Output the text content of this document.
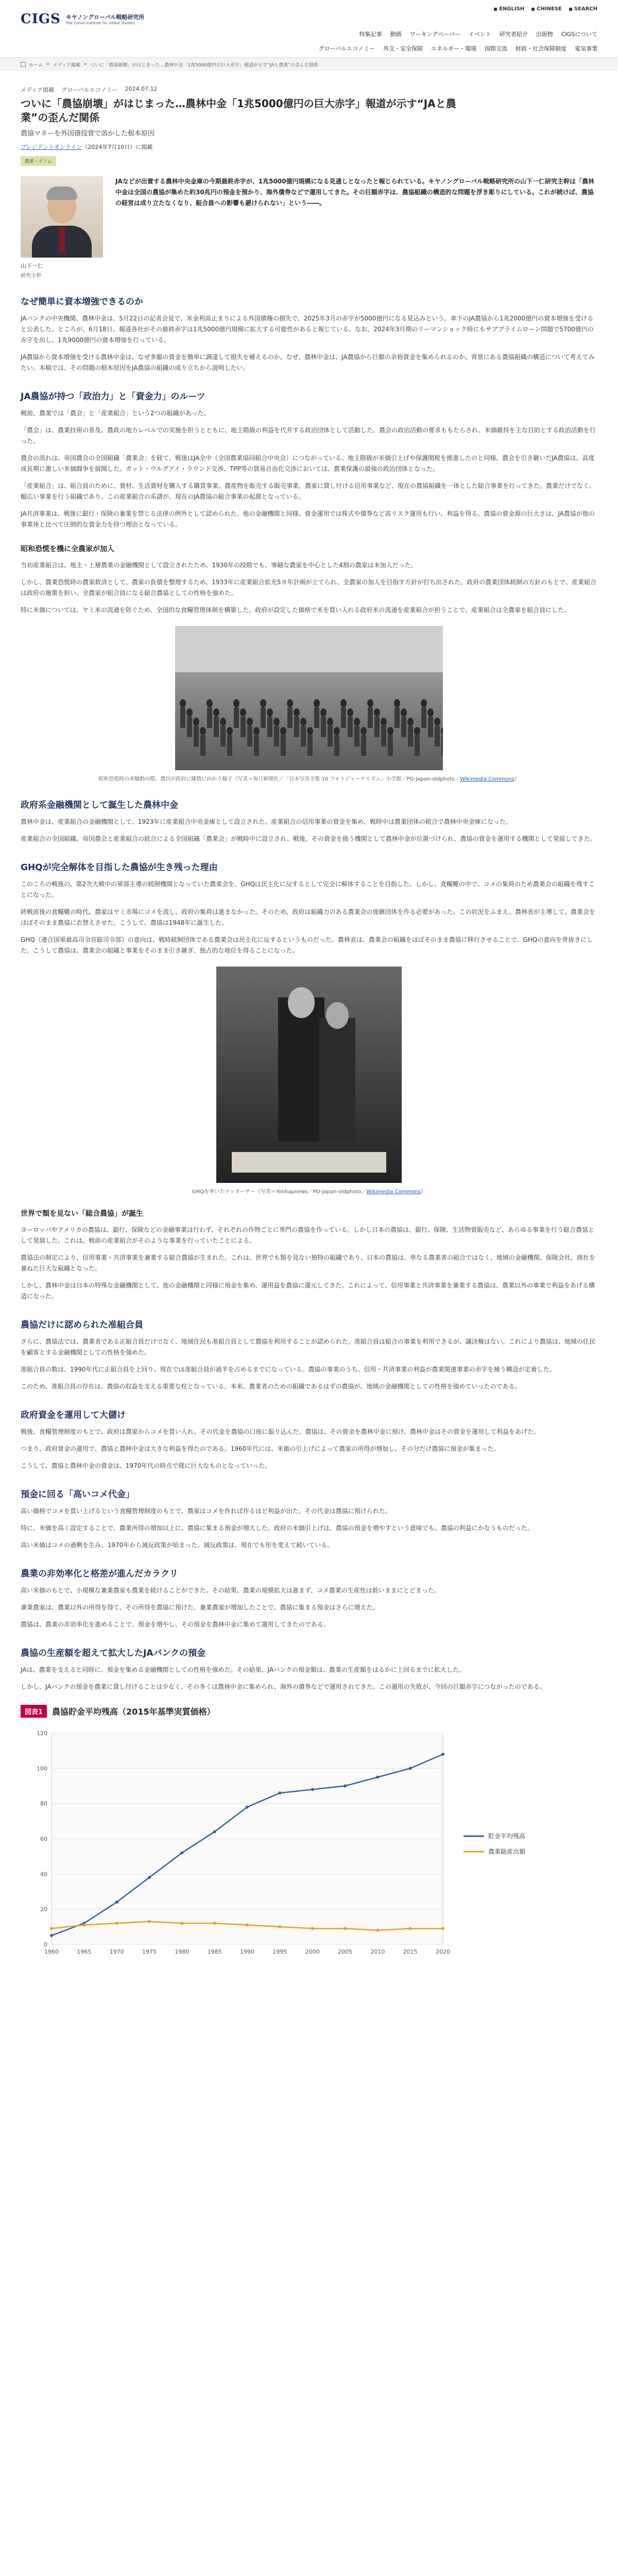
CIGS キヤノングローバル戦略研究所
The Canon Institute for Global Studies
ENGLISH CHINESE SEARCH
特集記事 動画 ワーキングペーパー イベント 研究者紹介 出版物 CIGSについて
グローバルエコノミー 外交・安全保障 エネルギー・環境 国際交流 財政・社会保障制度 電気事業
ホーム > メディア掲載 > ついに「農協崩壊」がはじまった…農林中金「1兆5000億円の巨大赤字」報道が示す“JAと農業”の歪んだ関係
メディア掲載 グローバルエコノミー 2024.07.12
ついに「農協崩壊」がはじまった…農林中金「1兆5000億円の巨大赤字」報道が示す“JAと農業”の歪んだ関係
農協マネーを外国債投資で溶かした根本原因
プレジデントオンライン（2024年7月10日）に掲載
農業・ゲノム
山下一仁
研究主幹
JAなどが出資する農林中央金庫の今期最終赤字が、1兆5000億円規模になる見通しとなったと報じられている。キヤノングローバル戦略研究所の山下一仁研究主幹は「農林中金は全国の農協が集めた約30兆円の預金を預かり、海外債券などで運用してきた。その巨額赤字は、農協組織の構造的な問題を浮き彫りにしている。これが続けば、農協の経営は成り立たなくなり、組合員への影響も避けられない」という――。
なぜ簡単に資本増強できるのか

JAバンクの中央機関、農林中金は、5月22日の記者会見で、米金利高止まりによる外国債権の損失で、2025年3月の赤字が5000億円になる見込みという。傘下のJA農協から1兆2000億円の資本増強を受けると公表した。ところが、6月18日、報道各社がその最終赤字は1兆5000億円規模に拡大する可能性があると報じている。なお、2024年3月期のリーマンショック時にもサブプライムローン問題で5700億円の赤字を出し、1兆9000億円の資本増強を行っている。

JA農協から資本増強を受ける農林中金は、なぜ多額の資金を簡単に調達して損失を補えるのか。なぜ、農林中金は、JA農協から巨額の余裕資金を集められるのか。背景にある農協組織の構造について考えてみたい。本稿では、その問題の根本原因をJA農協の組織の成り立ちから説明したい。

JA農協が持つ「政治力」と「資金力」のルーツ

戦前、農業では「農会」と「産業組合」という2つの組織があった。

「農会」は、農業技術の普及、農政の地方レベルでの実施を担うとともに、地主階級の利益を代弁する政治団体として活動した。農会の政治活動の要求ももたらされ、米価維持を主な目的とする政治活動を行った。

農会の流れは、帝国農会の全国組織「農業会」を経て、戦後はJA全中（全国農業協同組合中央会）につながっている。地主階級が米価引上げや保護関税を推進したのと同様、農会を引き継いだJA農協は、高度成長期に激しい米価闘争を展開した。ガット・ウルグアイ・ラウンド交渉、TPP等の貿易自由化交渉においては、農業保護の最強の政治団体となった。

「産業組合」は、組合員のために、資材、生活資材を購入する購買事業、農産物を販売する販売事業、農家に貸し付ける信用事業など、現在の農協組織を一体とした総合事業を行ってきた。農業だけでなく、幅広い事業を行う組織であり、この産業組合の系譜が、現在のJA農協の総合事業の起源となっている。

JA共済事業は、戦後に銀行・保険の兼業を禁じる法律の例外として認められた。他の金融機関と同様、資金運用では株式や債券など高リスク運用も行い、利益を得る。農協の資金源の巨大さは、JA農協が他の事業体と比べて圧倒的な資金力を持つ理由となっている。

昭和恐慌を機に全農家が加入

当初産業組合は、地主・上層農業の金融機関として設立されたため、1930年の段階でも、零細な農家を中心とした4割の農家は未加入だった。

しかし、農業恐慌時の農家救済として、農家の負債を整理するため、1933年に産業組合拡充5カ年計画が立てられ、全農家の加入を目指す方針が打ち出された。政府の農業団体統制の方針のもとで、産業組合は政府の施策を担い、全農家が組合員になる総合農協としての性格を強めた。

特に米価については、ヤミ米の流通を防ぐため、全国的な食糧管理体制を構築した。政府が設定した価格で米を買い入れる政府米の流通を産業組合が担うことで、産業組合は全農家を組合員にした。

昭和恐慌時の米騒動の際、農民が政府に陳情に向かう様子（写真＝毎日新聞社／「日本写真全集 10 フォトジャーナリズム」小学館／PD-Japan-oldphoto／Wikimedia Commons）
政府系金融機関として誕生した農林中金

農林中金は、産業組合の金融機関として、1923年に産業組合中央金庫として設立された。産業組合の信用事業の資金を集め、戦時中は農業団体の統合で農林中央金庫になった。

産業組合の全国組織、帝国農会と産業組合の統合による全国組織「農業会」が戦時中に設立され、戦後、その資金を扱う機関として農林中金が位置づけられ、農協の資金を運用する機関として発展してきた。

GHQが完全解体を目指した農協が生き残った理由

このころの戦後の、第2次大戦中の軍部主導の統制機関となっていた農業会を、GHQは民主化に反するとして完全に解体することを目指した。しかし、食糧難の中で、コメの集荷のため農業会の組織を残すことになった。

終戦直後の食糧難の時代、農家はヤミ市場にコメを流し、政府の集荷は進まなかった。そのため、政府は組織力のある農業会の後継団体を作る必要があった。この状況をふまえ、農林省が主導して、農業会をほぼそのまま農協に衣替えさせた。こうして、農協は1948年に誕生した。

GHQ（連合国軍最高司令官総司令部）の意向は、戦時統制団体である農業会は民主化に反するというものだった。農林省は、農業会の組織をほぼそのまま農協に移行させることで、GHQの意向を骨抜きにした。こうして農協は、農業会の組織と事業をそのまま引き継ぎ、独占的な地位を得ることになった。

GHQを率いたマッカーサー（写真＝Yonhapnews／PD-Japan-oldphoto／Wikimedia Commons）
世界で類を見ない「総合農協」が誕生

ヨーロッパやアメリカの農協は、銀行、保険などの金融事業は行わず、それぞれの作物ごとに専門の農協を作っている。しかし日本の農協は、銀行、保険、生活物資販売など、あらゆる事業を行う総合農協として発展した。これは、戦前の産業組合がそのような事業を行っていたことによる。

農協法の制定により、信用事業・共済事業を兼業する総合農協が生まれた。これは、世界でも類を見ない独特の組織であり、日本の農協は、単なる農業者の組合ではなく、地域の金融機関、保険会社、商社を兼ねた巨大な組織となった。

しかし、農林中金は日本の特殊な金融機関として、他の金融機関と同様に預金を集め、運用益を農協に還元してきた。これによって、信用事業と共済事業を兼業する農協は、農業以外の事業で利益をあげる構造になった。

農協だけに認められた准組合員

さらに、農協法では、農業者である正組合員だけでなく、地域住民も准組合員として農協を利用することが認められた。准組合員は組合の事業を利用できるが、議決権はない。これにより農協は、地域の住民を顧客とする金融機関としての性格を強めた。

准組合員の数は、1990年代に正組合員を上回り、現在では准組合員が過半を占めるまでになっている。農協の事業のうち、信用・共済事業の利益が農業関連事業の赤字を補う構造が定着した。

このため、准組合員の存在は、農協の収益を支える重要な柱となっている。本来、農業者のための組織であるはずの農協が、地域の金融機関としての性格を強めていったのである。

政府資金を運用して大儲け

戦後、食糧管理制度のもとで、政府は農家からコメを買い入れ、その代金を農協の口座に振り込んだ。農協は、その資金を農林中金に預け、農林中金はその資金を運用して利益をあげた。

つまり、政府資金の運用で、農協と農林中金は大きな利益を得たのである。1960年代には、米価の引上げによって農家の所得が増加し、その分だけ農協に預金が集まった。

こうして、農協と農林中金の資金は、1970年代の時点で既に巨大なものとなっていった。

預金に回る「高いコメ代金」

高い価格でコメを買い上げるという食糧管理制度のもとで、農家はコメを作れば作るほど利益が出た。その代金は農協に預けられた。

特に、米価を高く設定することで、農業所得の増加以上に、農協に集まる預金が増大した。政府の米価引上げは、農協の預金を増やすという意味でも、農協の利益にかなうものだった。

高い米価はコメの過剰を生み、1970年から減反政策が始まった。減反政策は、現在でも形を変えて続いている。

農業の非効率化と格差が進んだカラクリ

高い米価のもとで、小規模な兼業農家も農業を続けることができた。その結果、農業の規模拡大は進まず、コメ農業の生産性は低いままにとどまった。

兼業農家は、農業以外の所得を得て、その所得を農協に預けた。兼業農家が増加したことで、農協に集まる預金はさらに増えた。

農協は、農業の非効率化を進めることで、預金を増やし、その預金を農林中金に集めて運用してきたのである。

農協の生産額を超えて拡大したJAバンクの預金

JAは、農業を支えると同時に、預金を集める金融機関としての性格を強めた。その結果、JAバンクの預金額は、農業の生産額をはるかに上回るまでに拡大した。

しかし、JAバンクの預金を農業に貸し付けることは少なく、その多くは農林中金に集められ、海外の債券などで運用されてきた。この運用の失敗が、今回の巨額赤字につながったのである。

図表1	農協貯金平均残高（2015年基準実質価格）
0
20
40
60
80
100
120
1960	1965	1970	1975	1980	1985	1990	1995	2000	2005	2010	2015	2020
貯金平均残高
農業総産出額
